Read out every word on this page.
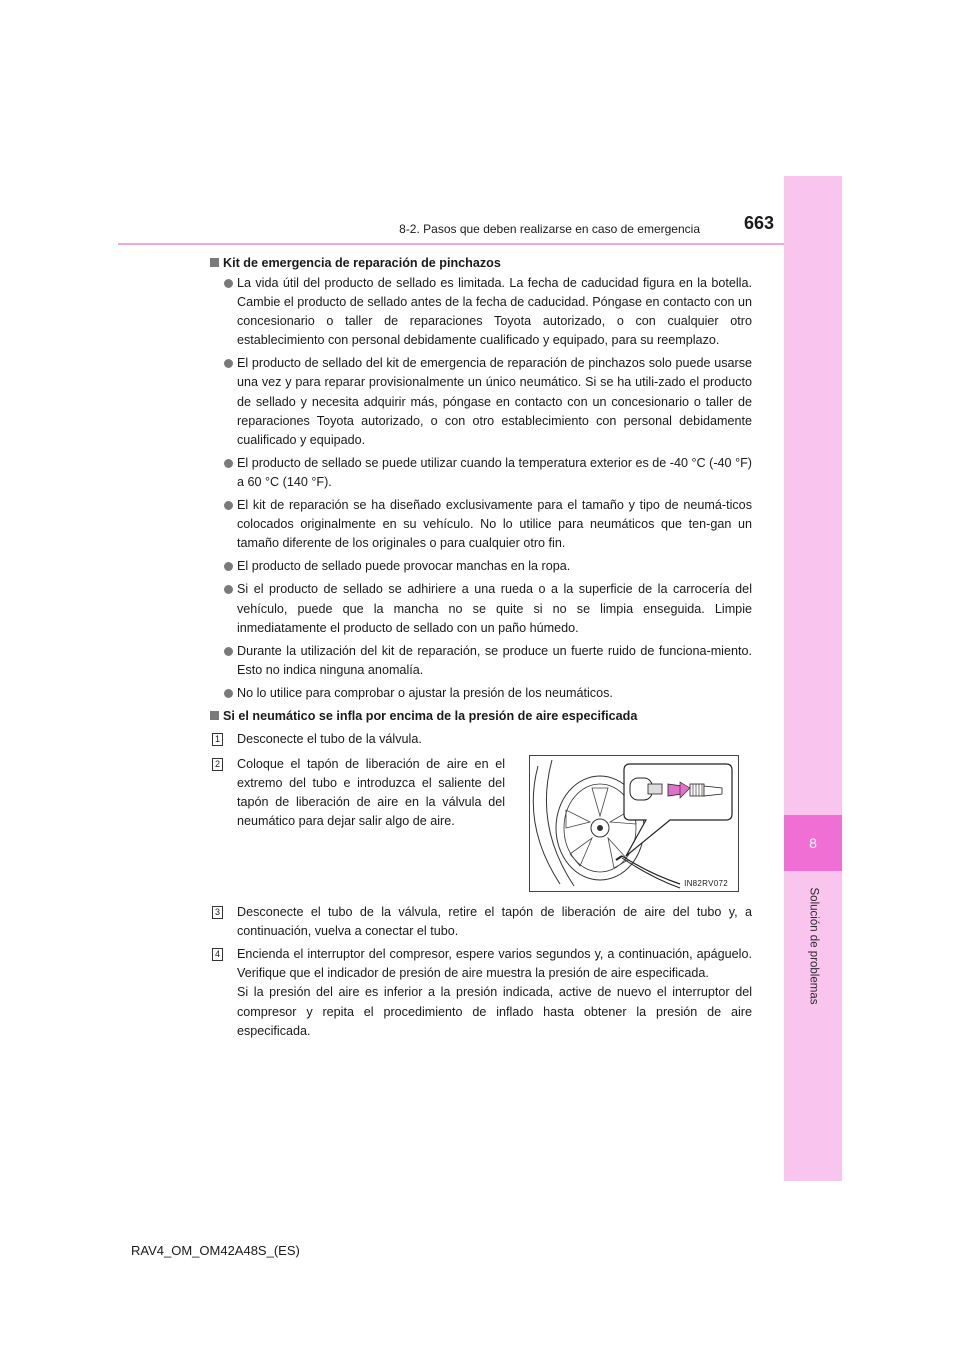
8
Solución de problemas
8-2. Pasos que deben realizarse en caso de emergencia	663
Kit de emergencia de reparación de pinchazos
La vida útil del producto de sellado es limitada. La fecha de caducidad figura en la botella. Cambie el producto de sellado antes de la fecha de caducidad. Póngase en contacto con un concesionario o taller de reparaciones Toyota autorizado, o con cualquier otro establecimiento con personal debidamente cualificado y equipado, para su reemplazo.
El producto de sellado del kit de emergencia de reparación de pinchazos solo puede usarse una vez y para reparar provisionalmente un único neumático. Si se ha utili-zado el producto de sellado y necesita adquirir más, póngase en contacto con un concesionario o taller de reparaciones Toyota autorizado, o con otro establecimiento con personal debidamente cualificado y equipado.
El producto de sellado se puede utilizar cuando la temperatura exterior es de -40 °C (-40 °F) a 60 °C (140 °F).
El kit de reparación se ha diseñado exclusivamente para el tamaño y tipo de neumá-ticos colocados originalmente en su vehículo. No lo utilice para neumáticos que ten-gan un tamaño diferente de los originales o para cualquier otro fin.
El producto de sellado puede provocar manchas en la ropa.
Si el producto de sellado se adhiriere a una rueda o a la superficie de la carrocería del vehículo, puede que la mancha no se quite si no se limpia enseguida. Limpie inmediatamente el producto de sellado con un paño húmedo.
Durante la utilización del kit de reparación, se produce un fuerte ruido de funciona-miento. Esto no indica ninguna anomalía.
No lo utilice para comprobar o ajustar la presión de los neumáticos.
Si el neumático se infla por encima de la presión de aire especificada
1 Desconecte el tubo de la válvula.
2 Coloque el tapón de liberación de aire en el extremo del tubo e introduzca el saliente del tapón de liberación de aire en la válvula del neumático para dejar salir algo de aire.
IN82RV072
3 Desconecte el tubo de la válvula, retire el tapón de liberación de aire del tubo y, a continuación, vuelva a conectar el tubo.
4 Encienda el interruptor del compresor, espere varios segundos y, a continuación, apáguelo. Verifique que el indicador de presión de aire muestra la presión de aire especificada.
Si la presión del aire es inferior a la presión indicada, active de nuevo el interruptor del compresor y repita el procedimiento de inflado hasta obtener la presión de aire especificada.
RAV4_OM_OM42A48S_(ES)
